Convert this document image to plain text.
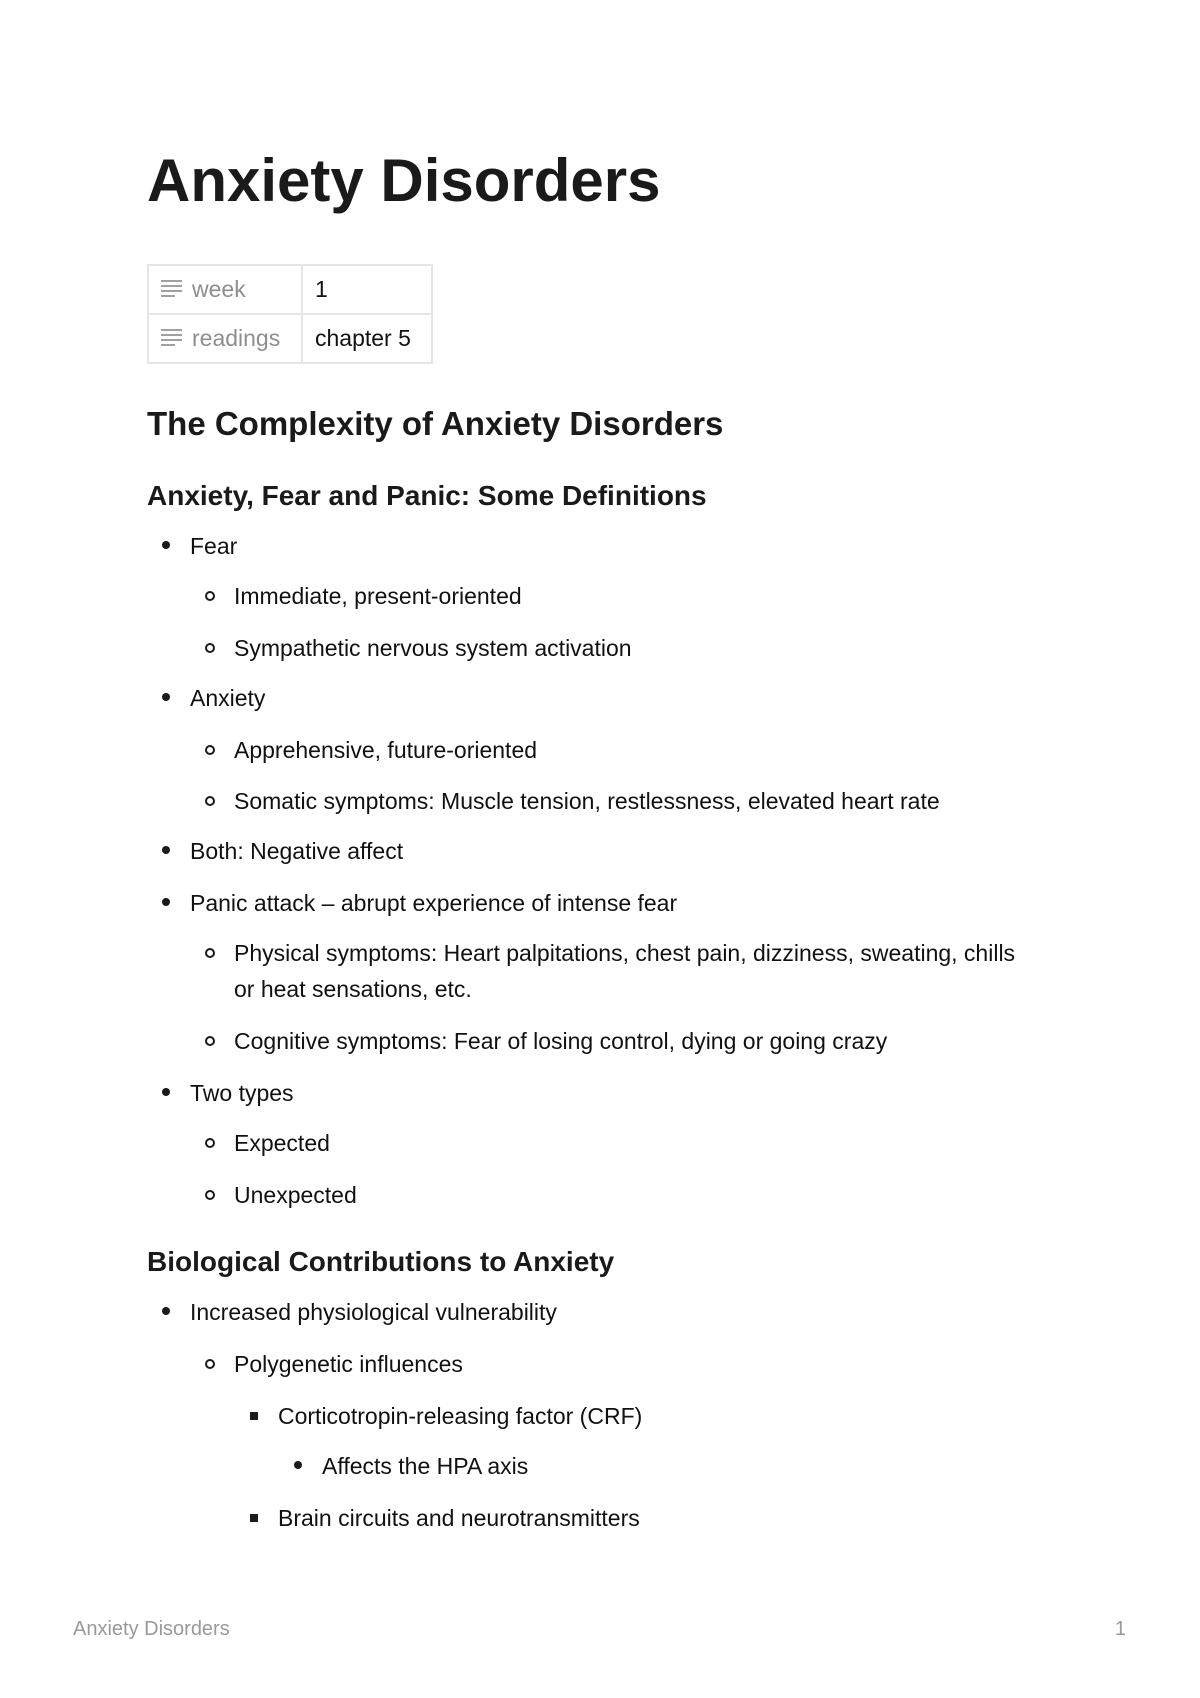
Anxiety Disorders
week	1

readings	chapter 5
The Complexity of Anxiety Disorders
Anxiety, Fear and Panic: Some Definitions
Fear
Immediate, present-oriented
Sympathetic nervous system activation
Anxiety
Apprehensive, future-oriented
Somatic symptoms: Muscle tension, restlessness, elevated heart rate
Both: Negative affect
Panic attack – abrupt experience of intense fear
Physical symptoms: Heart palpitations, chest pain, dizziness, sweating, chills
or heat sensations, etc.
Cognitive symptoms: Fear of losing control, dying or going crazy
Two types
Expected
Unexpected
Biological Contributions to Anxiety
Increased physiological vulnerability
Polygenetic influences
Corticotropin-releasing factor (CRF)
Affects the HPA axis
Brain circuits and neurotransmitters
Anxiety Disorders	1
